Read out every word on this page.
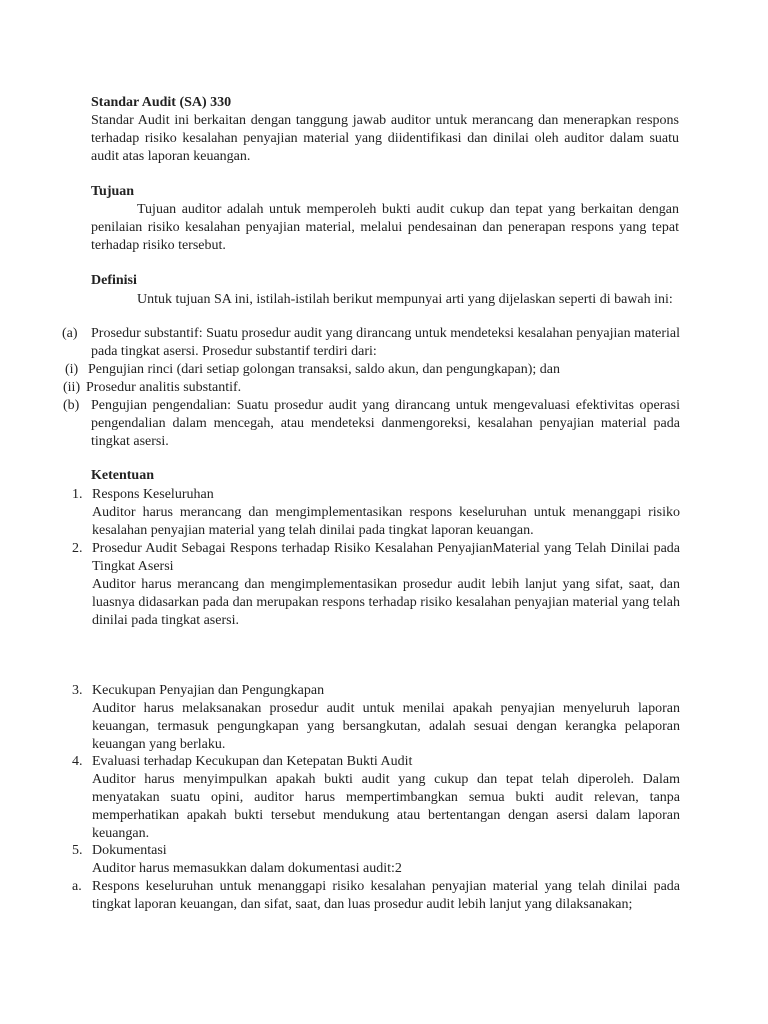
Standar Audit (SA) 330

Standar Audit ini berkaitan dengan tanggung jawab auditor untuk merancang dan menerapkan respons terhadap risiko kesalahan penyajian material yang diidentifikasi dan dinilai oleh auditor dalam suatu audit atas laporan keuangan.

Tujuan

Tujuan auditor adalah untuk memperoleh bukti audit cukup dan tepat yang berkaitan dengan penilaian risiko kesalahan penyajian material, melalui pendesainan dan penerapan respons yang tepat terhadap risiko tersebut.

Definisi

Untuk tujuan SA ini, istilah-istilah berikut mempunyai arti yang dijelaskan seperti di bawah ini:

(a) Prosedur substantif: Suatu prosedur audit yang dirancang untuk mendeteksi kesalahan penyajian material pada tingkat asersi. Prosedur substantif terdiri dari:

(i) Pengujian rinci (dari setiap golongan transaksi, saldo akun, dan pengungkapan); dan

(ii) Prosedur analitis substantif.

(b) Pengujian pengendalian: Suatu prosedur audit yang dirancang untuk mengevaluasi efektivitas operasi pengendalian dalam mencegah, atau mendeteksi danmengoreksi, kesalahan penyajian material pada tingkat asersi.

Ketentuan
1. Respons Keseluruhan

Auditor harus merancang dan mengimplementasikan respons keseluruhan untuk menanggapi risiko kesalahan penyajian material yang telah dinilai pada tingkat laporan keuangan.

2. Prosedur Audit Sebagai Respons terhadap Risiko Kesalahan PenyajianMaterial yang Telah Dinilai pada Tingkat Asersi

Auditor harus merancang dan mengimplementasikan prosedur audit lebih lanjut yang sifat, saat, dan luasnya didasarkan pada dan merupakan respons terhadap risiko kesalahan penyajian material yang telah dinilai pada tingkat asersi.

3. Kecukupan Penyajian dan Pengungkapan

Auditor harus melaksanakan prosedur audit untuk menilai apakah penyajian menyeluruh laporan keuangan, termasuk pengungkapan yang bersangkutan, adalah sesuai dengan kerangka pelaporan keuangan yang berlaku.

4. Evaluasi terhadap Kecukupan dan Ketepatan Bukti Audit

Auditor harus menyimpulkan apakah bukti audit yang cukup dan tepat telah diperoleh. Dalam menyatakan suatu opini, auditor harus mempertimbangkan semua bukti audit relevan, tanpa memperhatikan apakah bukti tersebut mendukung atau bertentangan dengan asersi dalam laporan keuangan.

5. Dokumentasi

Auditor harus memasukkan dalam dokumentasi audit:2

a. Respons keseluruhan untuk menanggapi risiko kesalahan penyajian material yang telah dinilai pada tingkat laporan keuangan, dan sifat, saat, dan luas prosedur audit lebih lanjut yang dilaksanakan;
